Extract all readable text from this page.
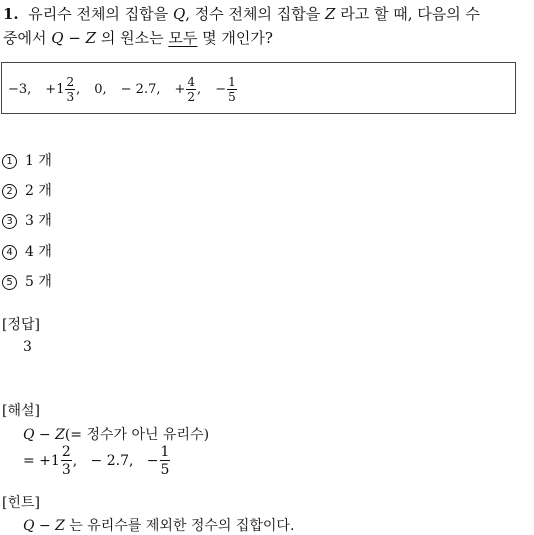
1. 유리수 전체의 집합을 Q, 정수 전체의 집합을 Z 라고 할 때, 다음의 수
중에서 Q − Z 의 원소는 모두 몇 개인가?
−3, $+1 \frac{2}{3}$ , 0, − 2.7, + $\frac{4}{2}$ , − $\frac{1}{5}$
1 1 개
2 2 개
3 3 개
4 4 개
5 5 개
[정답]
3
[해설]
Q − Z(= 정수가 아닌 유리수)
= +1
2
3
,   − 2.7,   − $\frac{1}{5}$
[힌트]
Q − Z 는 유리수를 제외한 정수의 집합이다.
